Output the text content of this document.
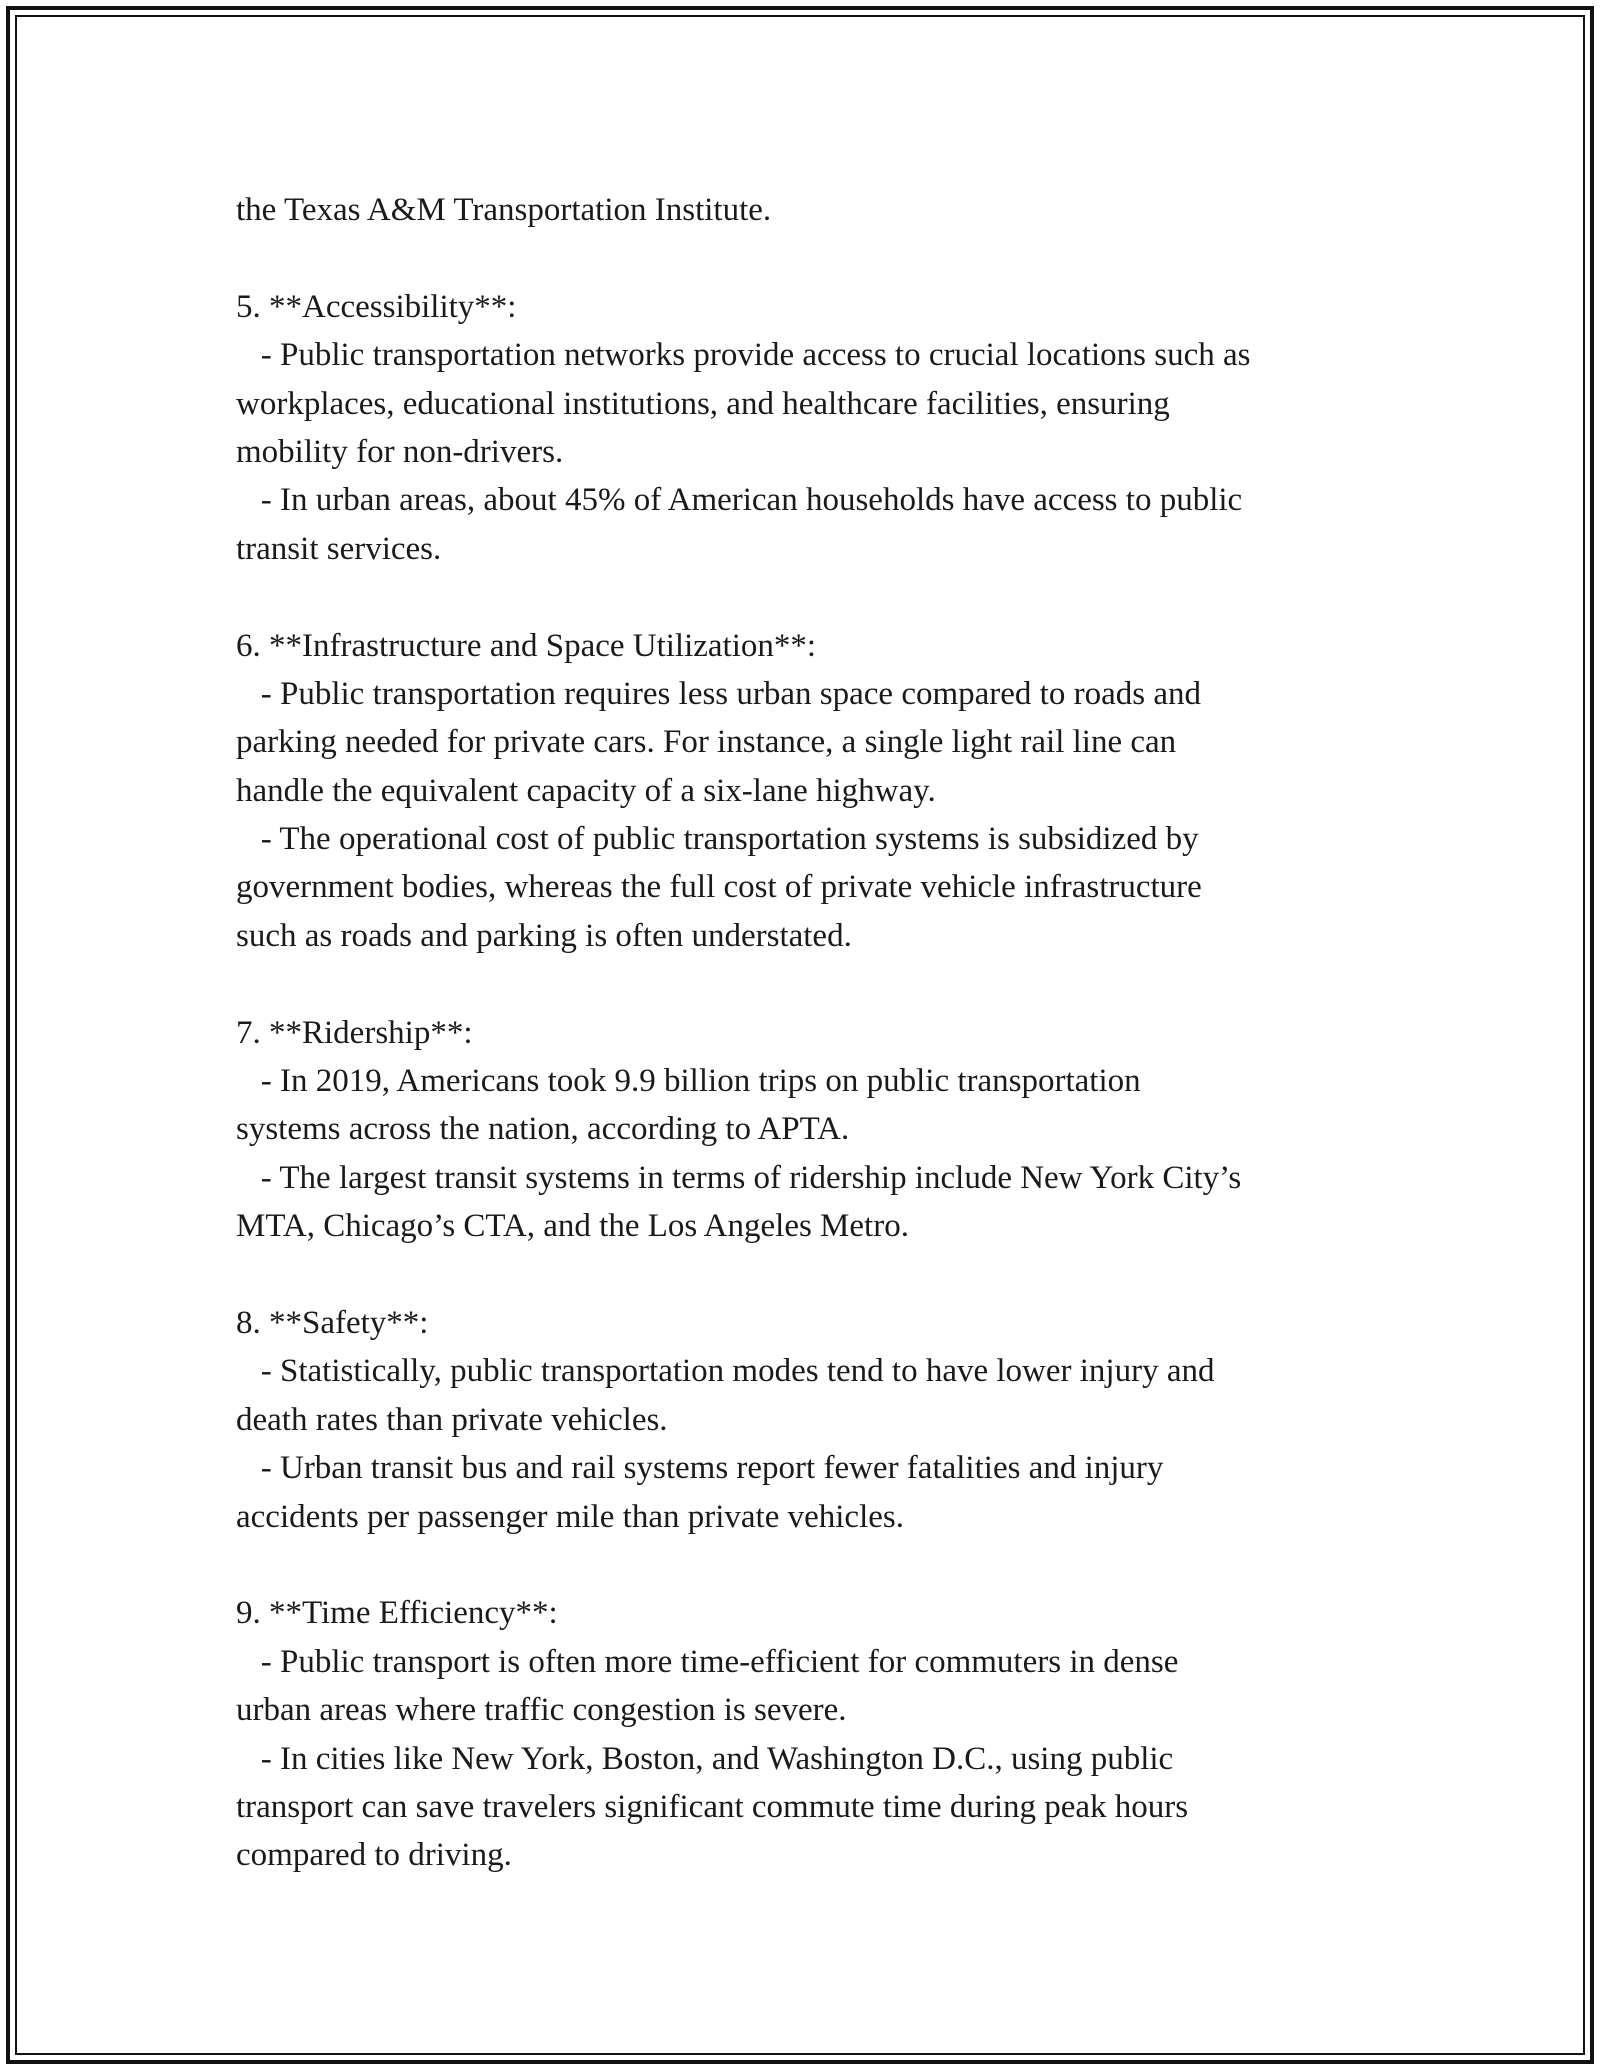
the Texas A&M Transportation Institute.
5. **Accessibility**:
- Public transportation networks provide access to crucial locations such as
workplaces, educational institutions, and healthcare facilities, ensuring
mobility for non-drivers.
- In urban areas, about 45% of American households have access to public
transit services.
6. **Infrastructure and Space Utilization**:
- Public transportation requires less urban space compared to roads and
parking needed for private cars. For instance, a single light rail line can
handle the equivalent capacity of a six-lane highway.
- The operational cost of public transportation systems is subsidized by
government bodies, whereas the full cost of private vehicle infrastructure
such as roads and parking is often understated.
7. **Ridership**:
- In 2019, Americans took 9.9 billion trips on public transportation
systems across the nation, according to APTA.
- The largest transit systems in terms of ridership include New York City’s
MTA, Chicago’s CTA, and the Los Angeles Metro.
8. **Safety**:
- Statistically, public transportation modes tend to have lower injury and
death rates than private vehicles.
- Urban transit bus and rail systems report fewer fatalities and injury
accidents per passenger mile than private vehicles.
9. **Time Efficiency**:
- Public transport is often more time-efficient for commuters in dense
urban areas where traffic congestion is severe.
- In cities like New York, Boston, and Washington D.C., using public
transport can save travelers significant commute time during peak hours
compared to driving.
